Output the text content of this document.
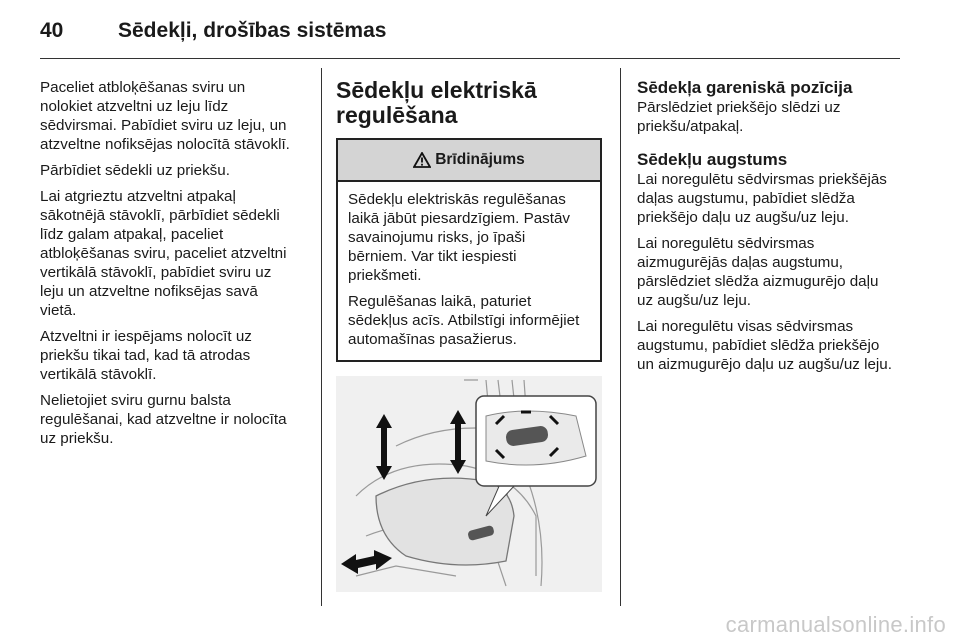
40	Sēdekļi, drošības sistēmas

Paceliet atbloķēšanas sviru un
nolokiet atzveltni uz leju līdz
sēdvirsmai. Pabīdiet sviru uz leju, un
atzveltne nofiksējas nolocītā stāvoklī.

Pārbīdiet sēdekli uz priekšu.

Lai atgrieztu atzveltni atpakaļ
sākotnējā stāvoklī, pārbīdiet sēdekli
līdz galam atpakaļ, paceliet
atbloķēšanas sviru, paceliet atzveltni
vertikālā stāvoklī, pabīdiet sviru uz
leju un atzveltne nofiksējas savā
vietā.

Atzveltni ir iespējams nolocīt uz
priekšu tikai tad, kad tā atrodas
vertikālā stāvoklī.

Nelietojiet sviru gurnu balsta
regulēšanai, kad atzveltne ir nolocīta
uz priekšu.

Sēdekļu elektriskā
regulēšana
Brīdinājums

Sēdekļu elektriskās regulēšanas
laikā jābūt piesardzīgiem. Pastāv
savainojumu risks, jo īpaši
bērniem. Var tikt iespiesti
priekšmeti.

Regulēšanas laikā, paturiet
sēdekļus acīs. Atbilstīgi informējiet
automašīnas pasažierus.

Sēdekļa gareniskā pozīcija

Pārslēdziet priekšējo slēdzi uz
priekšu/atpakaļ.

Sēdekļu augstums

Lai noregulētu sēdvirsmas priekšējās
daļas augstumu, pabīdiet slēdža
priekšējo daļu uz augšu/uz leju.

Lai noregulētu sēdvirsmas
aizmugurējās daļas augstumu,
pārslēdziet slēdža aizmugurējo daļu
uz augšu/uz leju.

Lai noregulētu visas sēdvirsmas
augstumu, pabīdiet slēdža priekšējo
un aizmugurējo daļu uz augšu/uz leju.

carmanualsonline.info
